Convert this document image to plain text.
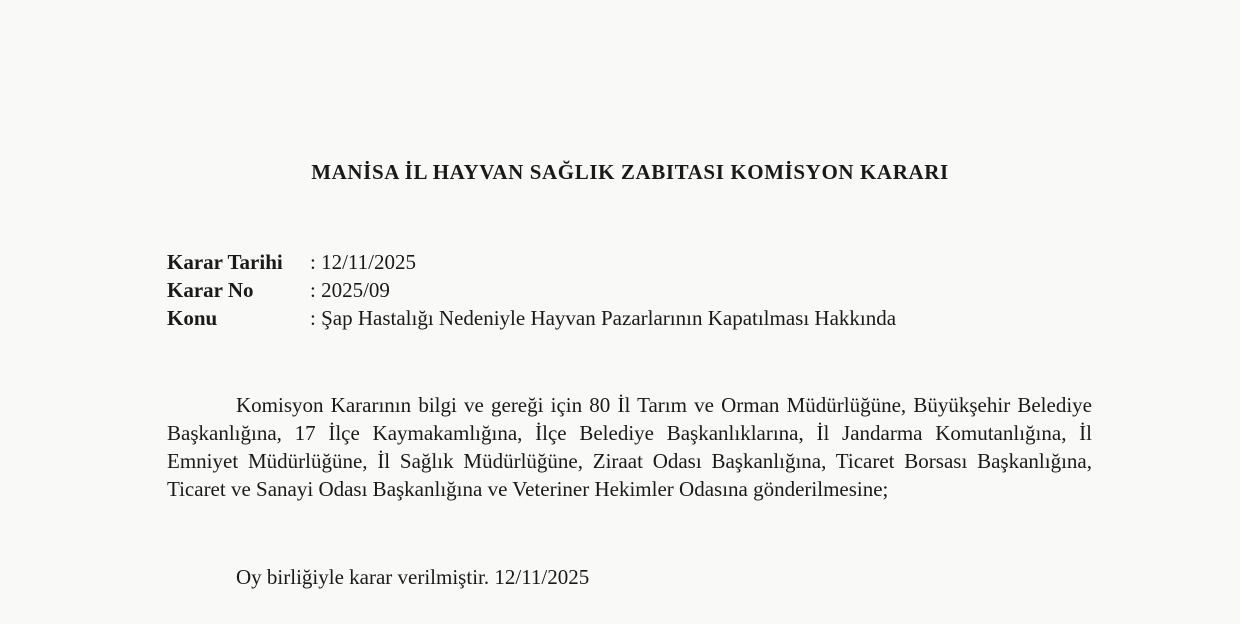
MANİSA İL HAYVAN SAĞLIK ZABITASI KOMİSYON KARARI
Karar Tarihi	: 12/11/2025
Karar No	: 2025/09
Konu	: Şap Hastalığı Nedeniyle Hayvan Pazarlarının Kapatılması Hakkında

Komisyon Kararının bilgi ve gereği için 80 İl Tarım ve Orman Müdürlüğüne, Büyükşehir Belediye Başkanlığına, 17 İlçe Kaymakamlığına, İlçe Belediye Başkanlıklarına, İl Jandarma Komutanlığına, İl Emniyet Müdürlüğüne, İl Sağlık Müdürlüğüne, Ziraat Odası Başkanlığına, Ticaret Borsası Başkanlığına, Ticaret ve Sanayi Odası Başkanlığına ve Veteriner Hekimler Odasına gönderilmesine;

Oy birliğiyle karar verilmiştir. 12/11/2025
